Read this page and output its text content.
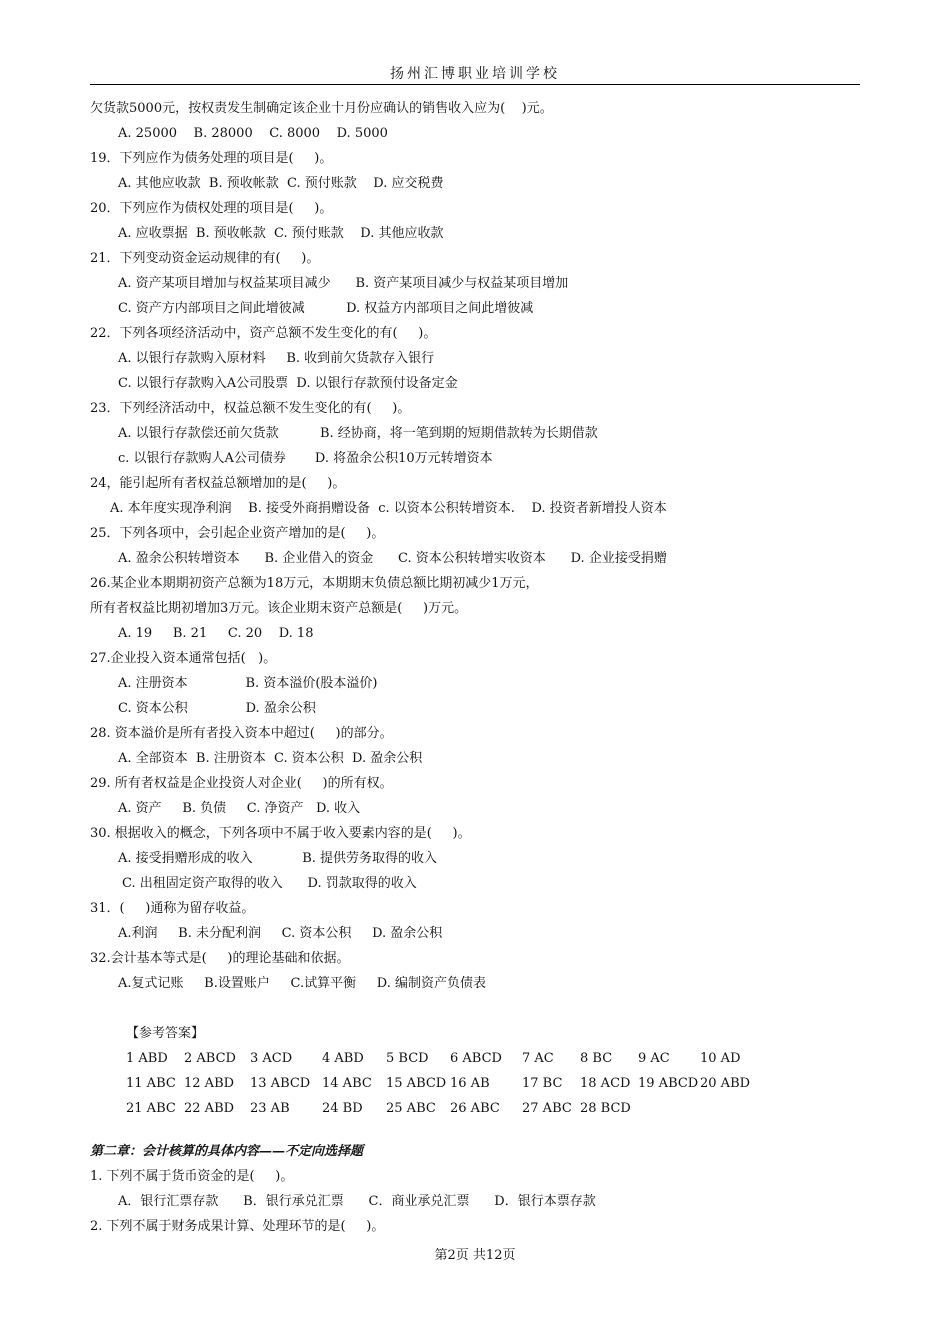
扬州汇博职业培训学校
欠货款5000元，按权责发生制确定该企业十月份应确认的销售收入应为(    )元。
A. 25000    B. 28000    C. 8000    D. 5000
19．下列应作为债务处理的项目是(     )。
A. 其他应收款  B. 预收帐款  C. 预付账款    D. 应交税费
20．下列应作为债权处理的项目是(     )。
A. 应收票据  B. 预收帐款  C. 预付账款    D. 其他应收款
21．下列变动资金运动规律的有(     )。
A. 资产某项目增加与权益某项目减少      B. 资产某项目减少与权益某项目增加
C. 资产方内部项目之间此增彼减          D. 权益方内部项目之间此增彼减
22．下列各项经济活动中，资产总额不发生变化的有(     )。
A. 以银行存款购入原材料     B. 收到前欠货款存入银行
C. 以银行存款购入A公司股票  D. 以银行存款预付设备定金
23．下列经济活动中，权益总额不发生变化的有(     )。
A. 以银行存款偿还前欠货款          B. 经协商，将一笔到期的短期借款转为长期借款
c. 以银行存款购人A公司债券       D. 将盈余公积10万元转增资本
24，能引起所有者权益总额增加的是(     )。
A. 本年度实现净利润    B. 接受外商捐赠设备  c. 以资本公积转增资本.    D. 投资者新增投人资本
25．下列各项中，会引起企业资产增加的是(     )。
A. 盈余公积转增资本      B. 企业借入的资金      C. 资本公积转增实收资本      D. 企业接受捐赠
26.某企业本期期初资产总额为18万元，本期期末负债总额比期初减少1万元，
所有者权益比期初增加3万元。该企业期末资产总额是(     )万元。
A. 19     B. 21     C. 20    D. 18
27.企业投入资本通常包括(   )。
A. 注册资本              B. 资本溢价(股本溢价)
C. 资本公积              D. 盈余公积
28. 资本溢价是所有者投入资本中超过(     )的部分。
A. 全部资本  B. 注册资本  C. 资本公积  D. 盈余公积
29. 所有者权益是企业投资人对企业(     )的所有权。
A. 资产     B. 负债     C. 净资产   D. 收入
30. 根据收入的概念，下列各项中不属于收入要素内容的是(     )。
A. 接受捐赠形成的收入            B. 提供劳务取得的收入
C. 出租固定资产取得的收入      D. 罚款取得的收入
31．(     )通称为留存收益。
A.利润     B. 未分配利润     C. 资本公积     D. 盈余公积
32.会计基本等式是(     )的理论基础和依据。
A.复式记账     B.设置账户     C.试算平衡     D. 编制资产负债表
【参考答案】
1 ABD 2 ABCD 3 ACD 4 ABD 5 BCD 6 ABCD 7 AC 8 BC 9 AC 10 AD
11 ABC 12 ABD 13 ABCD 14 ABC 15 ABCD 16 AB 17 BC 18 ACD 19 ABCD 20 ABD
21 ABC 22 ABD 23 AB 24 BD 25 ABC 26 ABC 27 ABC 28 BCD
第二章：会计核算的具体内容——不定向选择题
1. 下列不属于货币资金的是(     )。
A．银行汇票存款      B．银行承兑汇票      C．商业承兑汇票      D．银行本票存款
2. 下列不属于财务成果计算、处理环节的是(     )。
第2页 共12页
